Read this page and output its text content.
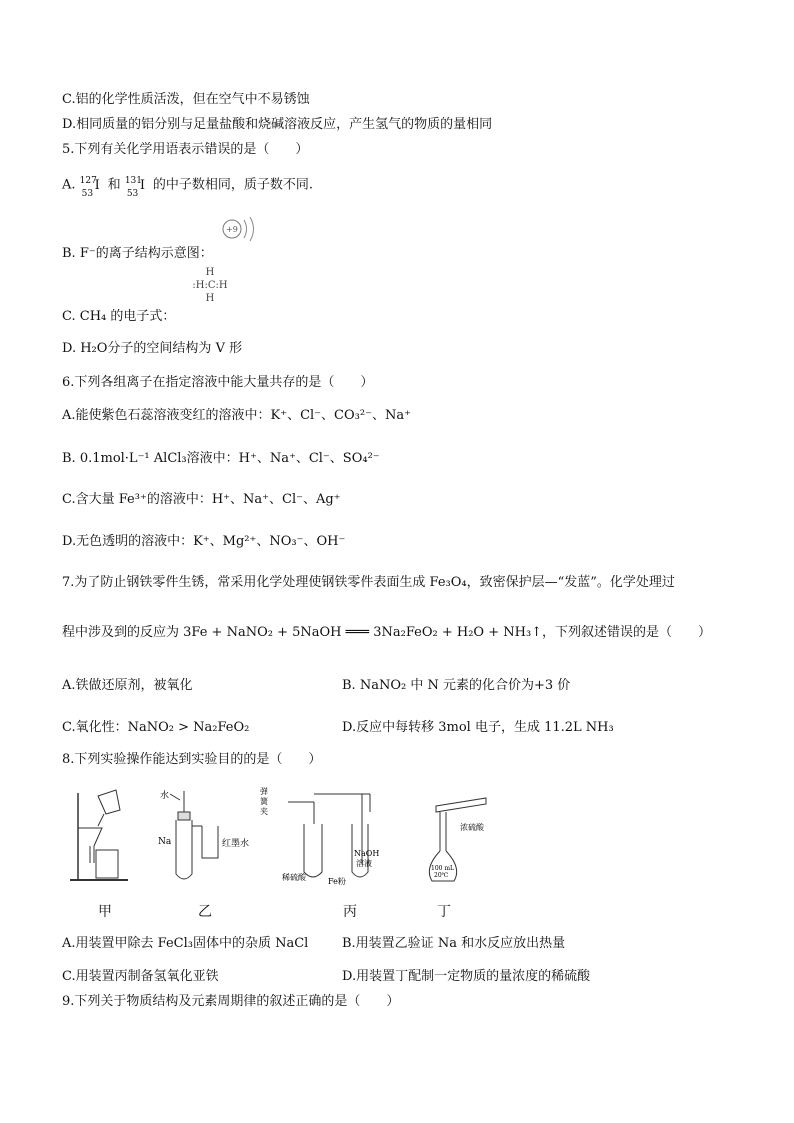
C.铝的化学性质活泼，但在空气中不易锈蚀
D.相同质量的铝分别与足量盐酸和烧碱溶液反应，产生氢气的物质的量相同
5.下列有关化学用语表示错误的是（　　）
A. 127
53
I 和 131
53
I 的中子数相同，质子数不同.
B. F⁻的离子结构示意图：
+9
C. CH₄ 的电子式：
H
:H:C:H
H
D. H₂O分子的空间结构为 V 形
6.下列各组离子在指定溶液中能大量共存的是（　　）
A.能使紫色石蕊溶液变红的溶液中：K⁺、Cl⁻、CO₃²⁻、Na⁺
B. 0.1mol·L⁻¹ AlCl₃溶液中：H⁺、Na⁺、Cl⁻、SO₄²⁻
C.含大量 Fe³⁺的溶液中：H⁺、Na⁺、Cl⁻、Ag⁺
D.无色透明的溶液中：K⁺、Mg²⁺、NO₃⁻、OH⁻
7.为了防止钢铁零件生锈，常采用化学处理使钢铁零件表面生成 Fe₃O₄，致密保护层—“发蓝”。化学处理过
程中涉及到的反应为 3Fe + NaNO₂ + 5NaOH ═══ 3Na₂FeO₂ + H₂O + NH₃↑，下列叙述错误的是（　　）
A.铁做还原剂，被氧化	B. NaNO₂ 中 N 元素的化合价为+3 价
C.氧化性：NaNO₂ > Na₂FeO₂	D.反应中每转移 3mol 电子，生成 11.2L NH₃
8.下列实验操作能达到实验目的的是（　　）
水
Na	红墨水
弹
簧
夹
稀硫酸	Fe粉
NaOH
溶液
浓硫酸
100 mL
20℃
甲	乙	丙	丁
A.用装置甲除去 FeCl₃固体中的杂质 NaCl	B.用装置乙验证 Na 和水反应放出热量
C.用装置丙制备氢氧化亚铁	D.用装置丁配制一定物质的量浓度的稀硫酸
9.下列关于物质结构及元素周期律的叙述正确的是（　　）
